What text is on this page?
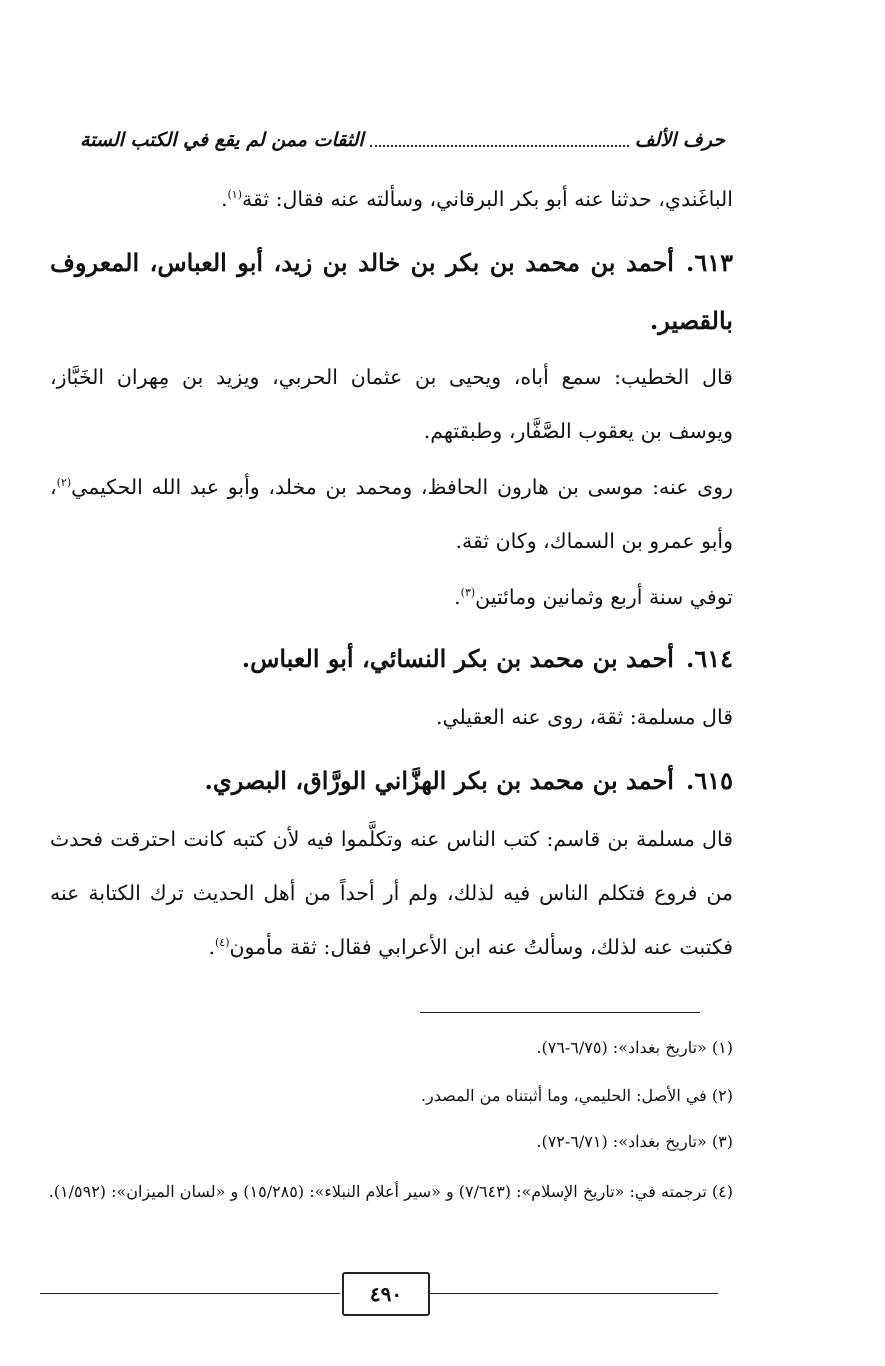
حرف الألف
الثقات ممن لم يقع في الكتب الستة
الباغَندي، حدثنا عنه أبو بكر البرقاني، وسألته عنه فقال: ثقة$^{(١)}$.
٦١٣.أحمد بن محمد بن بكر بن خالد بن زيد، أبو العباس، المعروف بالقصير.
قال الخطيب: سمع أباه، ويحيى بن عثمان الحربي، ويزيد بن مِهران الخَبَّاز، ويوسف بن يعقوب الصَّفَّار، وطبقتهم.
روى عنه: موسى بن هارون الحافظ، ومحمد بن مخلد، وأبو عبد الله الحكيمي$^{(٢)}$، وأبو عمرو بن السماك، وكان ثقة.
توفي سنة أربع وثمانين ومائتين$^{(٣)}$.
٦١٤.أحمد بن محمد بن بكر النسائي، أبو العباس.
قال مسلمة: ثقة، روى عنه العقيلي.
٦١٥.أحمد بن محمد بن بكر الهزَّاني الورَّاق، البصري.
قال مسلمة بن قاسم: كتب الناس عنه وتكلَّموا فيه لأن كتبه كانت احترقت فحدث من فروع فتكلم الناس فيه لذلك، ولم أر أحداً من أهل الحديث ترك الكتابة عنه فكتبت عنه لذلك، وسألتُ عنه ابن الأعرابي فقال: ثقة مأمون$^{(٤)}$.
(١) «تاريخ بغداد»: (٦/٧٥-٧٦).
(٢) في الأصل: الحليمي، وما أثبتناه من المصدر.
(٣) «تاريخ بغداد»: (٦/٧١-٧٢).
(٤) ترجمته في: «تاريخ الإسلام»: (٧/٦٤٣) و «سير أعلام النبلاء»: (١٥/٢٨٥) و «لسان الميزان»: (١/٥٩٢).
٤٩٠
